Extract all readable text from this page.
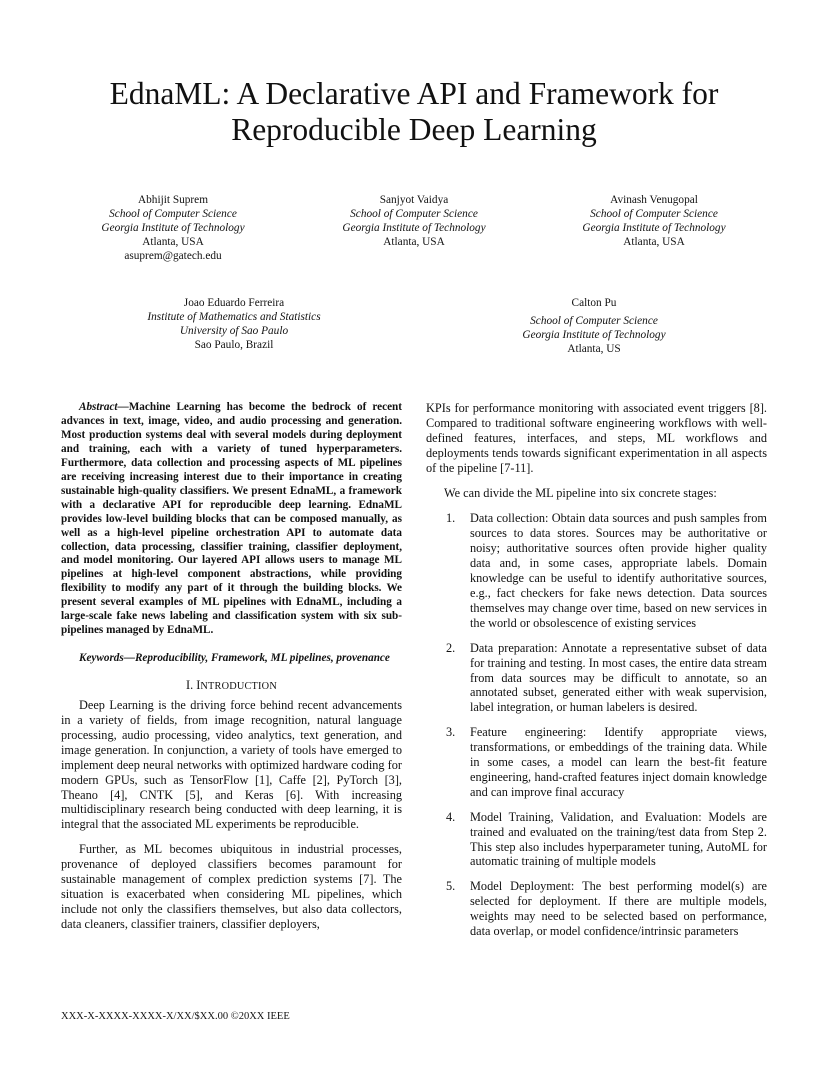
EdnaML: A Declarative API and Framework for
Reproducible Deep Learning
Abhijit Suprem
School of Computer Science
Georgia Institute of Technology
Atlanta, USA
asuprem@gatech.edu
Sanjyot Vaidya
School of Computer Science
Georgia Institute of Technology
Atlanta, USA
Avinash Venugopal
School of Computer Science
Georgia Institute of Technology
Atlanta, USA
Joao Eduardo Ferreira
Institute of Mathematics and Statistics
University of Sao Paulo
Sao Paulo, Brazil
Calton Pu
School of Computer Science
Georgia Institute of Technology
Atlanta, US

Abstract—Machine Learning has become the bedrock of recent advances in text, image, video, and audio processing and generation. Most production systems deal with several models during deployment and training, each with a variety of tuned hyperparameters. Furthermore, data collection and processing aspects of ML pipelines are receiving increasing interest due to their importance in creating sustainable high-quality classifiers. We present EdnaML, a framework with a declarative API for reproducible deep learning. EdnaML provides low-level building blocks that can be composed manually, as well as a high-level pipeline orchestration API to automate data collection, data processing, classifier training, classifier deployment, and model monitoring. Our layered API allows users to manage ML pipelines at high-level component abstractions, while providing flexibility to modify any part of it through the building blocks. We present several examples of ML pipelines with EdnaML, including a large-scale fake news labeling and classification system with six sub-pipelines managed by EdnaML.

Keywords—Reproducibility, Framework, ML pipelines, provenance

I. INTRODUCTION

Deep Learning is the driving force behind recent advancements in a variety of fields, from image recognition, natural language processing, audio processing, video analytics, text generation, and image generation. In conjunction, a variety of tools have emerged to implement deep neural networks with optimized hardware coding for modern GPUs, such as TensorFlow [1], Caffe [2], PyTorch [3], Theano [4], CNTK [5], and Keras [6]. With increasing multidisciplinary research being conducted with deep learning, it is integral that the associated ML experiments be reproducible.

Further, as ML becomes ubiquitous in industrial processes, provenance of deployed classifiers becomes paramount for sustainable management of complex prediction systems [7]. The situation is exacerbated when considering ML pipelines, which include not only the classifiers themselves, but also data collectors, data cleaners, classifier trainers, classifier deployers,

KPIs for performance monitoring with associated event triggers [8]. Compared to traditional software engineering workflows with well-defined features, interfaces, and steps, ML workflows and deployments tends towards significant experimentation in all aspects of the pipeline [7-11].

We can divide the ML pipeline into six concrete stages:

1. Data collection: Obtain data sources and push samples from sources to data stores. Sources may be authoritative or noisy; authoritative sources often provide higher quality data and, in some cases, appropriate labels. Domain knowledge can be useful to identify authoritative sources, e.g., fact checkers for fake news detection. Data sources themselves may change over time, based on new services in the world or obsolescence of existing services
2. Data preparation: Annotate a representative subset of data for training and testing. In most cases, the entire data stream from data sources may be difficult to annotate, so an annotated subset, generated either with weak supervision, label integration, or human labelers is desired.
3. Feature engineering: Identify appropriate views, transformations, or embeddings of the training data. While in some cases, a model can learn the best-fit feature engineering, hand-crafted features inject domain knowledge and can improve final accuracy
4. Model Training, Validation, and Evaluation: Models are trained and evaluated on the training/test data from Step 2. This step also includes hyperparameter tuning, AutoML for automatic training of multiple models
5. Model Deployment: The best performing model(s) are selected for deployment. If there are multiple models, weights may need to be selected based on performance, data overlap, or model confidence/intrinsic parameters
XXX-X-XXXX-XXXX-X/XX/$XX.00 ©20XX IEEE
